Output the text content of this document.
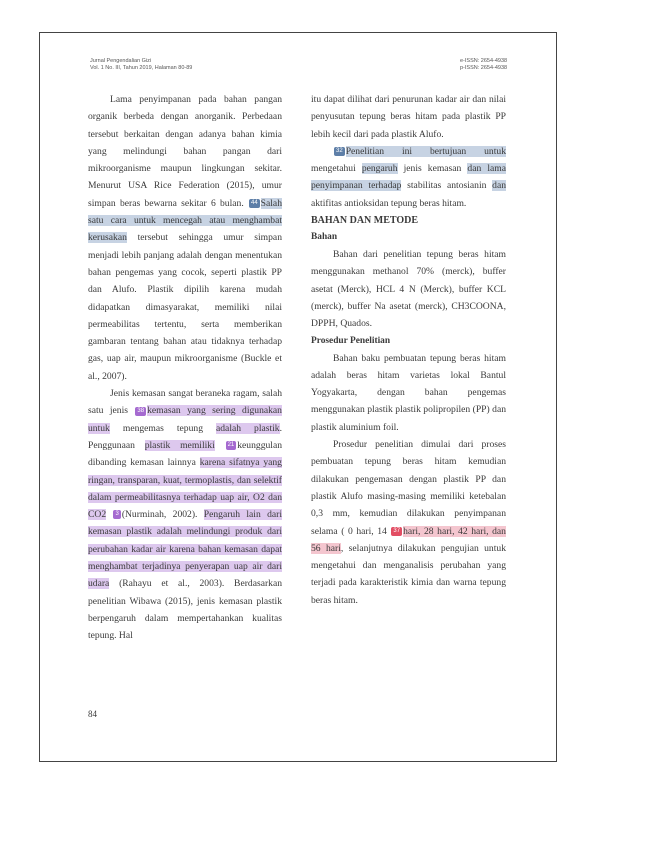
Jurnal Pengendalian Gizi
Vol. 1 No. III, Tahun 2019, Halaman 80-89
e-ISSN: 2654-4938
p-ISSN: 2654-4938

Lama penyimpanan pada bahan pangan organik berbeda dengan anorganik. Perbedaan tersebut berkaitan dengan adanya bahan kimia yang melindungi bahan pangan dari mikroorganisme maupun lingkungan sekitar. Menurut USA Rice Federation (2015), umur simpan beras bewarna sekitar 6 bulan. 44 Salah satu cara untuk mencegah atau menghambat kerusakan tersebut sehingga umur simpan menjadi lebih panjang adalah dengan menentukan bahan pengemas yang cocok, seperti plastik PP dan Alufo. Plastik dipilih karena mudah didapatkan dimasyarakat, memiliki nilai permeabilitas tertentu, serta memberikan gambaran tentang bahan atau tidaknya terhadap gas, uap air, maupun mikroorganisme (Buckle et al., 2007).

Jenis kemasan sangat beraneka ragam, salah satu jenis 38 kemasan yang sering digunakan untuk mengemas tepung adalah plastik. Penggunaan plastik memiliki 21 keunggulan dibanding kemasan lainnya karena sifatnya yang ringan, transparan, kuat, termoplastis, dan selektif dalam permeabilitasnya terhadap uap air, O2 dan CO2 3 (Nurminah, 2002). Pengaruh lain dari kemasan plastik adalah melindungi produk dari perubahan kadar air karena bahan kemasan dapat menghambat terjadinya penyerapan uap air dari udara (Rahayu et al., 2003). Berdasarkan penelitian Wibawa (2015), jenis kemasan plastik berpengaruh dalam mempertahankan kualitas tepung. Hal

itu dapat dilihat dari penurunan kadar air dan nilai penyusutan tepung beras hitam pada plastik PP lebih kecil dari pada plastik Alufo.

32 Penelitian ini bertujuan untuk mengetahui pengaruh jenis kemasan dan lama penyimpanan terhadap stabilitas antosianin dan aktifitas antioksidan tepung beras hitam.

BAHAN DAN METODE
Bahan

Bahan dari penelitian tepung beras hitam menggunakan methanol 70% (merck), buffer asetat (Merck), HCL 4 N (Merck), buffer KCL (merck), buffer Na asetat (merck), CH3COONA, DPPH, Quados.

Prosedur Penelitian

Bahan baku pembuatan tepung beras hitam adalah beras hitam varietas lokal Bantul Yogyakarta, dengan bahan pengemas menggunakan plastik plastik polipropilen (PP) dan plastik aluminium foil.

Prosedur penelitian dimulai dari proses pembuatan tepung beras hitam kemudian dilakukan pengemasan dengan plastik PP dan plastik Alufo masing-masing memiliki ketebalan 0,3 mm, kemudian dilakukan penyimpanan selama ( 0 hari, 14 37 hari, 28 hari, 42 hari, dan 56 hari, selanjutnya dilakukan pengujian untuk mengetahui dan menganalisis perubahan yang terjadi pada karakteristik kimia dan warna tepung beras hitam.

84
